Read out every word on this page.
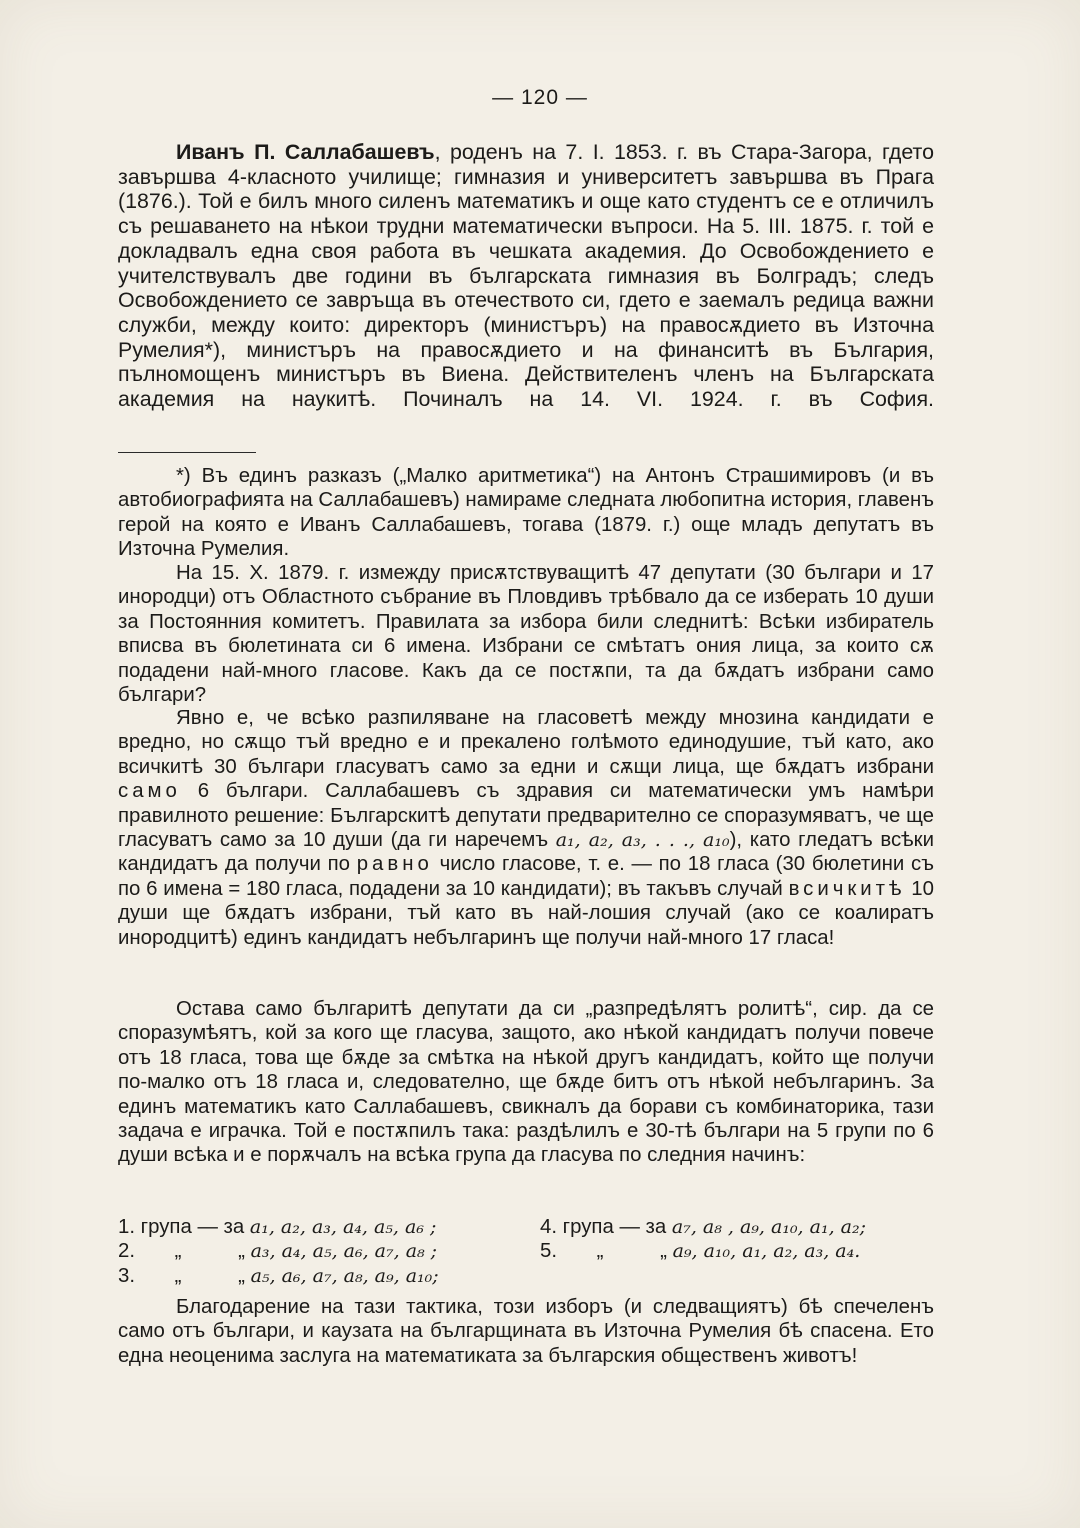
— 120 —
Иванъ П. Саллабашевъ, роденъ на 7. I. 1853. г. въ Стара-Загора, гдето завършва 4-класното училище; гимназия и университетъ завършва въ Прага (1876.). Той е билъ много силенъ математикъ и още като студентъ се е отличилъ съ решаването на нѣкои трудни математически въпроси. На 5. III. 1875. г. той е докладвалъ една своя работа въ чешката академия. До Освобождението е учителствувалъ две години въ българската гимназия въ Болградъ; следъ Освобождението се завръща въ отечеството си, гдето е заемалъ редица важни служби, между които: директоръ (министъръ) на правосѫдието въ Източна Румелия*), министъръ на правосѫдието и на финанситѣ въ България, пълномощенъ министъръ въ Виена. Действителенъ членъ на Българската академия на наукитѣ. Починалъ на 14. VI. 1924. г. въ София.
*) Въ единъ разказъ („Малко аритметика“) на Антонъ Страшимировъ (и въ автобиографията на Саллабашевъ) намираме следната любопитна история, главенъ герой на която е Иванъ Саллабашевъ, тогава (1879. г.) още младъ депутатъ въ Източна Румелия.
На 15. X. 1879. г. измежду присѫтствуващитѣ 47 депутати (30 българи и 17 инородци) отъ Областното събрание въ Пловдивъ трѣбвало да се изберать 10 души за Постоянния комитетъ. Правилата за избора били следнитѣ: Всѣки избиратель вписва въ бюлетината си 6 имена. Избрани се смѣтатъ ония лица, за които сѫ подадени най-много гласове. Какъ да се постѫпи, та да бѫдатъ избрани само българи?
Явно е, че всѣко разпиляване на гласоветѣ между мнозина кандидати е вредно, но сѫщо тъй вредно е и прекалено голѣмото единодушие, тъй като, ако всичкитѣ 30 българи гласуватъ само за едни и сѫщи лица, ще бѫдатъ избрани само 6 българи. Саллабашевъ съ здравия си математически умъ намѣри правилното решение: Българскитѣ депутати предварително се споразумяватъ, че ще гласуватъ само за 10 души (да ги наречемъ a₁, a₂, a₃, . . ., a₁₀), като гледатъ всѣки кандидатъ да получи по равно число гласове, т. е. — по 18 гласа (30 бюлетини съ по 6 имена = 180 гласа, подадени за 10 кандидати); въ такъвъ случай всичкитѣ 10 души ще бѫдатъ избрани, тъй като въ най-лошия случай (ако се коалиратъ инородцитѣ) единъ кандидатъ небългаринъ ще получи най-много 17 гласа!
Остава само българитѣ депутати да си „разпредѣлятъ ролитѣ“, сир. да се споразумѣятъ, кой за кого ще гласува, защото, ако нѣкой кандидатъ получи повече отъ 18 гласа, това ще бѫде за смѣтка на нѣкой другъ кандидатъ, който ще получи по-малко отъ 18 гласа и, следователно, ще бѫде битъ отъ нѣкой небългаринъ. За единъ математикъ като Саллабашевъ, свикналъ да борави съ комбинаторика, тази задача е играчка. Той е постѫпилъ така: раздѣлилъ е 30-тѣ българи на 5 групи по 6 души всѣка и е порѫчалъ на всѣка група да гласува по следния начинъ:
1. група — за a₁, a₂, a₃, a₄, a₅, a₆ ;	4. група — за a₇, a₈ , a₉, a₁₀, a₁, a₂;
2.       „          „ a₃, a₄, a₅, a₆, a₇, a₈ ;	5.       „          „ a₉, a₁₀, a₁, a₂, a₃, a₄.
3.       „          „ a₅, a₆, a₇, a₈, a₉, a₁₀;
Благодарение на тази тактика, този изборъ (и следващиятъ) бѣ спечеленъ само отъ българи, и каузата на българщината въ Източна Румелия бѣ спасена. Ето една неоценима заслуга на математиката за българския общественъ животъ!
